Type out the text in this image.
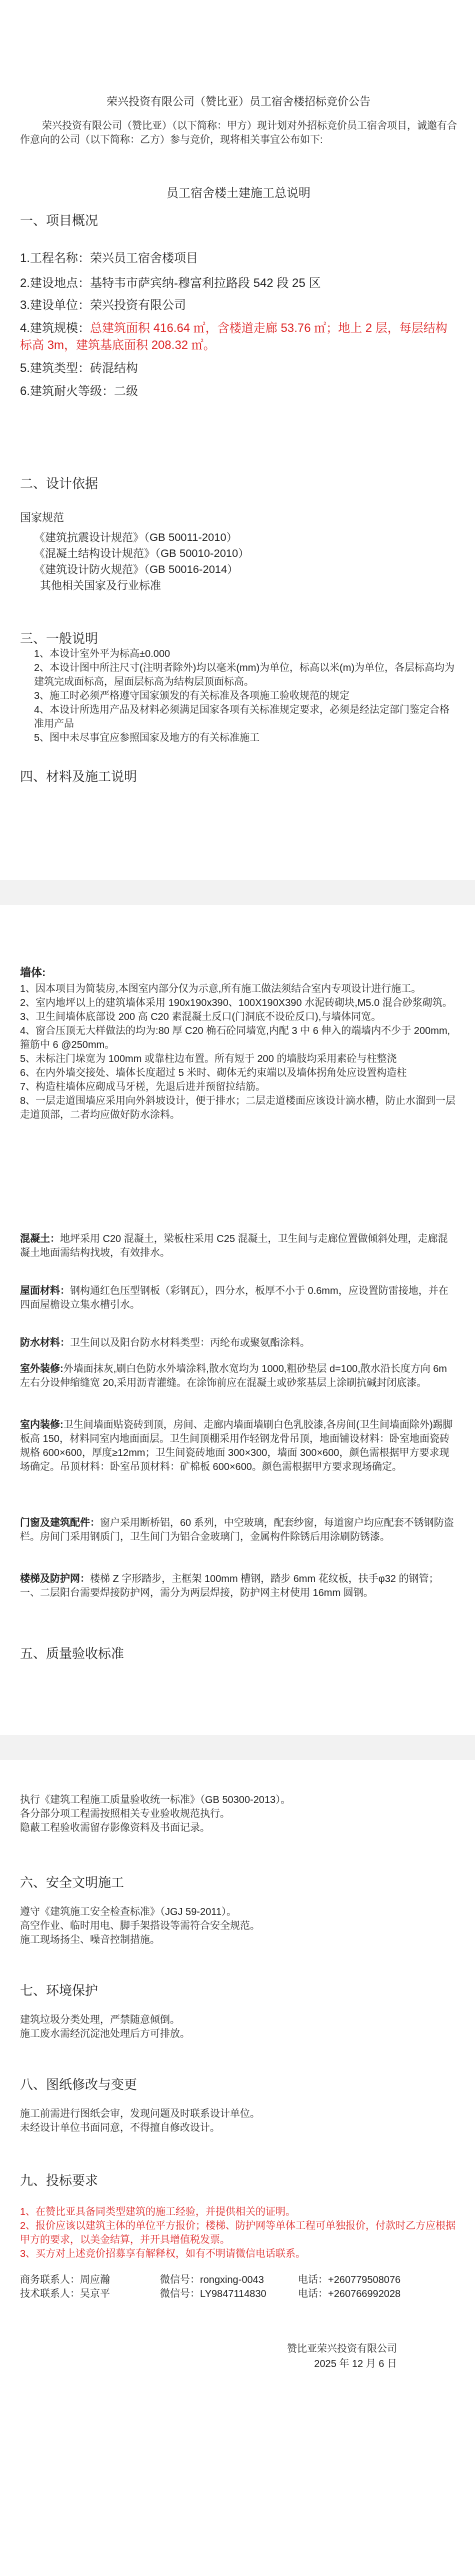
荣兴投资有限公司（赞比亚）员工宿舍楼招标竞价公告
荣兴投资有限公司（赞比亚）（以下简称：甲方）现计划对外招标竞价员工宿舍项目，诚邀有合作意向的公司（以下简称：乙方）参与竞价，现将相关事宜公布如下:
员工宿舍楼土建施工总说明
一、项目概况

1.工程名称：荣兴员工宿舍楼项目

2.建设地点：基特韦市萨宾纳-穆富利拉路段 542 段 25 区

3.建设单位：荣兴投资有限公司

4.建筑规模：总建筑面积 416.64 ㎡，含楼道走廊 53.76 ㎡；地上 2 层，每层结构标高 3m，建筑基底面积 208.32 ㎡。

5.建筑类型：砖混结构

6.建筑耐火等级：二级

二、设计依据

国家规范

《建筑抗震设计规范》（GB 50011-2010）

《混凝土结构设计规范》（GB 50010-2010）

《建筑设计防火规范》（GB 50016-2014）

其他相关国家及行业标准

三、一般说明

1、本设计室外平为标高±0.000

2、本设计图中所注尺寸(注明者除外)均以毫米(mm)为单位，标高以米(m)为单位，各层标高均为建筑完成面标高，屋面层标高为结构层顶面标高。

3、施工时必须严格遵守国家颁发的有关标准及各项施工验收规范的规定

4、本设计所选用产品及材料必须满足国家各项有关标准规定要求，必须是经法定部门鉴定合格准用产品

5、图中未尽事宜应参照国家及地方的有关标准施工

四、材料及施工说明
墙体:

1、因本项目为简装房,本图室内部分仅为示意,所有施工做法须结合室内专项设计进行施工。

2、室内地坪以上的建筑墙体采用 190x190x390、100X190X390 水泥砖砌块,M5.0 混合砂浆砌筑。

3、卫生间墙体底部设 200 高 C20 素混凝土反口(门洞底不设砼反口),与墙体同宽。

4、窗合压顶无大样做法的均为:80 厚 C20 桷石砼同墙宽,内配 3 中 6 伸入的端墙内不少于 200mm,箍筋中 6 @250mm。

5、未标注门垛宽为 100mm 或靠柱边布置。所有短于 200 的墙肢均采用素砼与柱整浇

6、在内外墙交接处、墙体长度超过 5 米时、砌体无约束端以及墙体拐角处应设置构造柱

7、构造柱墙体应砌成马牙槎，先退后进并预留拉结筋。

8、一层走道围墙应采用向外斜坡设计，便于排水；二层走道楼面应该设计滴水槽，防止水溜到一层走道顶部，二者均应做好防水涂料。

混凝土：地坪采用 C20 混凝土，梁板柱采用 C25 混凝土，卫生间与走廊位置做倾斜处理，走廊混凝土地面需结构找坡，有效排水。
屋面材料：钢构通红色压型钢板（彩钢瓦），四分水，板厚不小于 0.6mm，应设置防雷接地，并在四面屋檐设立集水槽引水。
防水材料：卫生间以及阳台防水材料类型：丙纶布或聚氨酯涂料。
室外装修:外墙面抹灰,刷白色防水外墙涂料,散水宽均为 1000,粗砂垫层 d=100,散水沿长度方向 6m 左右分设伸缩缝宽 20,采用沥青灌缝。在涂饰前应在混凝土或砂浆基层上涂刷抗碱封闭底漆。
室内装修:卫生间墙面贴瓷砖到顶，房间、走廊内墙面墙刷白色乳胶漆,各房间(卫生间墙面除外)踢脚板高 150，材料同室内地面面层。卫生间顶棚采用作轻钢龙骨吊顶，地面铺设材料：卧室地面瓷砖规格 600×600，厚度≥12mm；卫生间瓷砖地面 300×300，墙面 300×600，颜色需根据甲方要求现场确定。吊顶材料：卧室吊顶材料：矿棉板 600×600。颜色需根据甲方要求现场确定。
门窗及建筑配件：窗户采用断桥铝，60 系列，中空玻璃，配套纱窗，每道窗户均应配套不锈钢防盗栏。房间门采用钢质门，卫生间门为铝合金玻璃门，金属构件除锈后用涂刷防锈漆。
楼梯及防护网：楼梯 Z 字形踏步，主框架 100mm 槽钢，踏步 6mm 花纹板，扶手φ32 的钢管；一、二层阳台需要焊接防护网，需分为两层焊接，防护网主材使用 16mm 圆钢。
五、质量验收标准

执行《建筑工程施工质量验收统一标准》（GB 50300-2013）。

各分部分项工程需按照相关专业验收规范执行。

隐蔽工程验收需留存影像资料及书面记录。

六、安全文明施工

遵守《建筑施工安全检查标准》（JGJ 59-2011）。

高空作业、临时用电、脚手架搭设等需符合安全规范。

施工现场扬尘、噪音控制措施。

七、环境保护

建筑垃圾分类处理，严禁随意倾倒。

施工废水需经沉淀池处理后方可排放。

八、图纸修改与变更

施工前需进行图纸会审，发现问题及时联系设计单位。

未经设计单位书面同意，不得擅自修改设计。

九、投标要求

1、在赞比亚具备同类型建筑的施工经验，并提供相关的证明。

2、报价应该以建筑主体的单位平方报价；楼梯、防护网等单体工程可单独报价，付款时乙方应根据甲方的要求，以美金结算，并开具增值税发票。

3、买方对上述竞价招募享有解释权，如有不明请微信电话联系。

商务联系人：周应瀚	微信号：rongxing-0043	电话：+260779508076

技术联系人：吴京平	微信号：LY9847114830	电话：+260766992028

赞比亚荣兴投资有限公司
2025 年 12 月 6 日
